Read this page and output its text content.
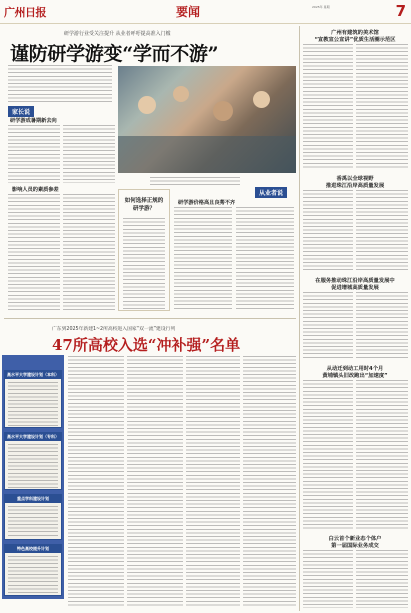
广州日报	要闻	2025年 星期	7
研学游行业受关注提升 从业者呼吁提高准入门槛
谨防研学游变“学而不游”
家长说
研学游成暑期新去向
影响人员的素质参差
如何选择正规的研学游？
从业者说
研学游价格高且良莠不齐
广州有建筑的美术馆
“宣教宣公宣讲”优质生活圈示范区
香禹以全球视野
推进珠江沿岸高质量发展
在服务推动珠江沿岸高质量发展中
促进增城高质量发展
从动迁到动工用时4个月
黄埔镇头旧改跑出“加速度”
白云首个新业态个体户
第一届国际业务成交
广东到2025年新建1~2所高校进入国家“双一流”建设行列
47所高校入选“冲补强”名单
高水平大学建设计划（本科）
高水平大学建设计划（专科）
重点学科建设计划
特色高校提升计划
